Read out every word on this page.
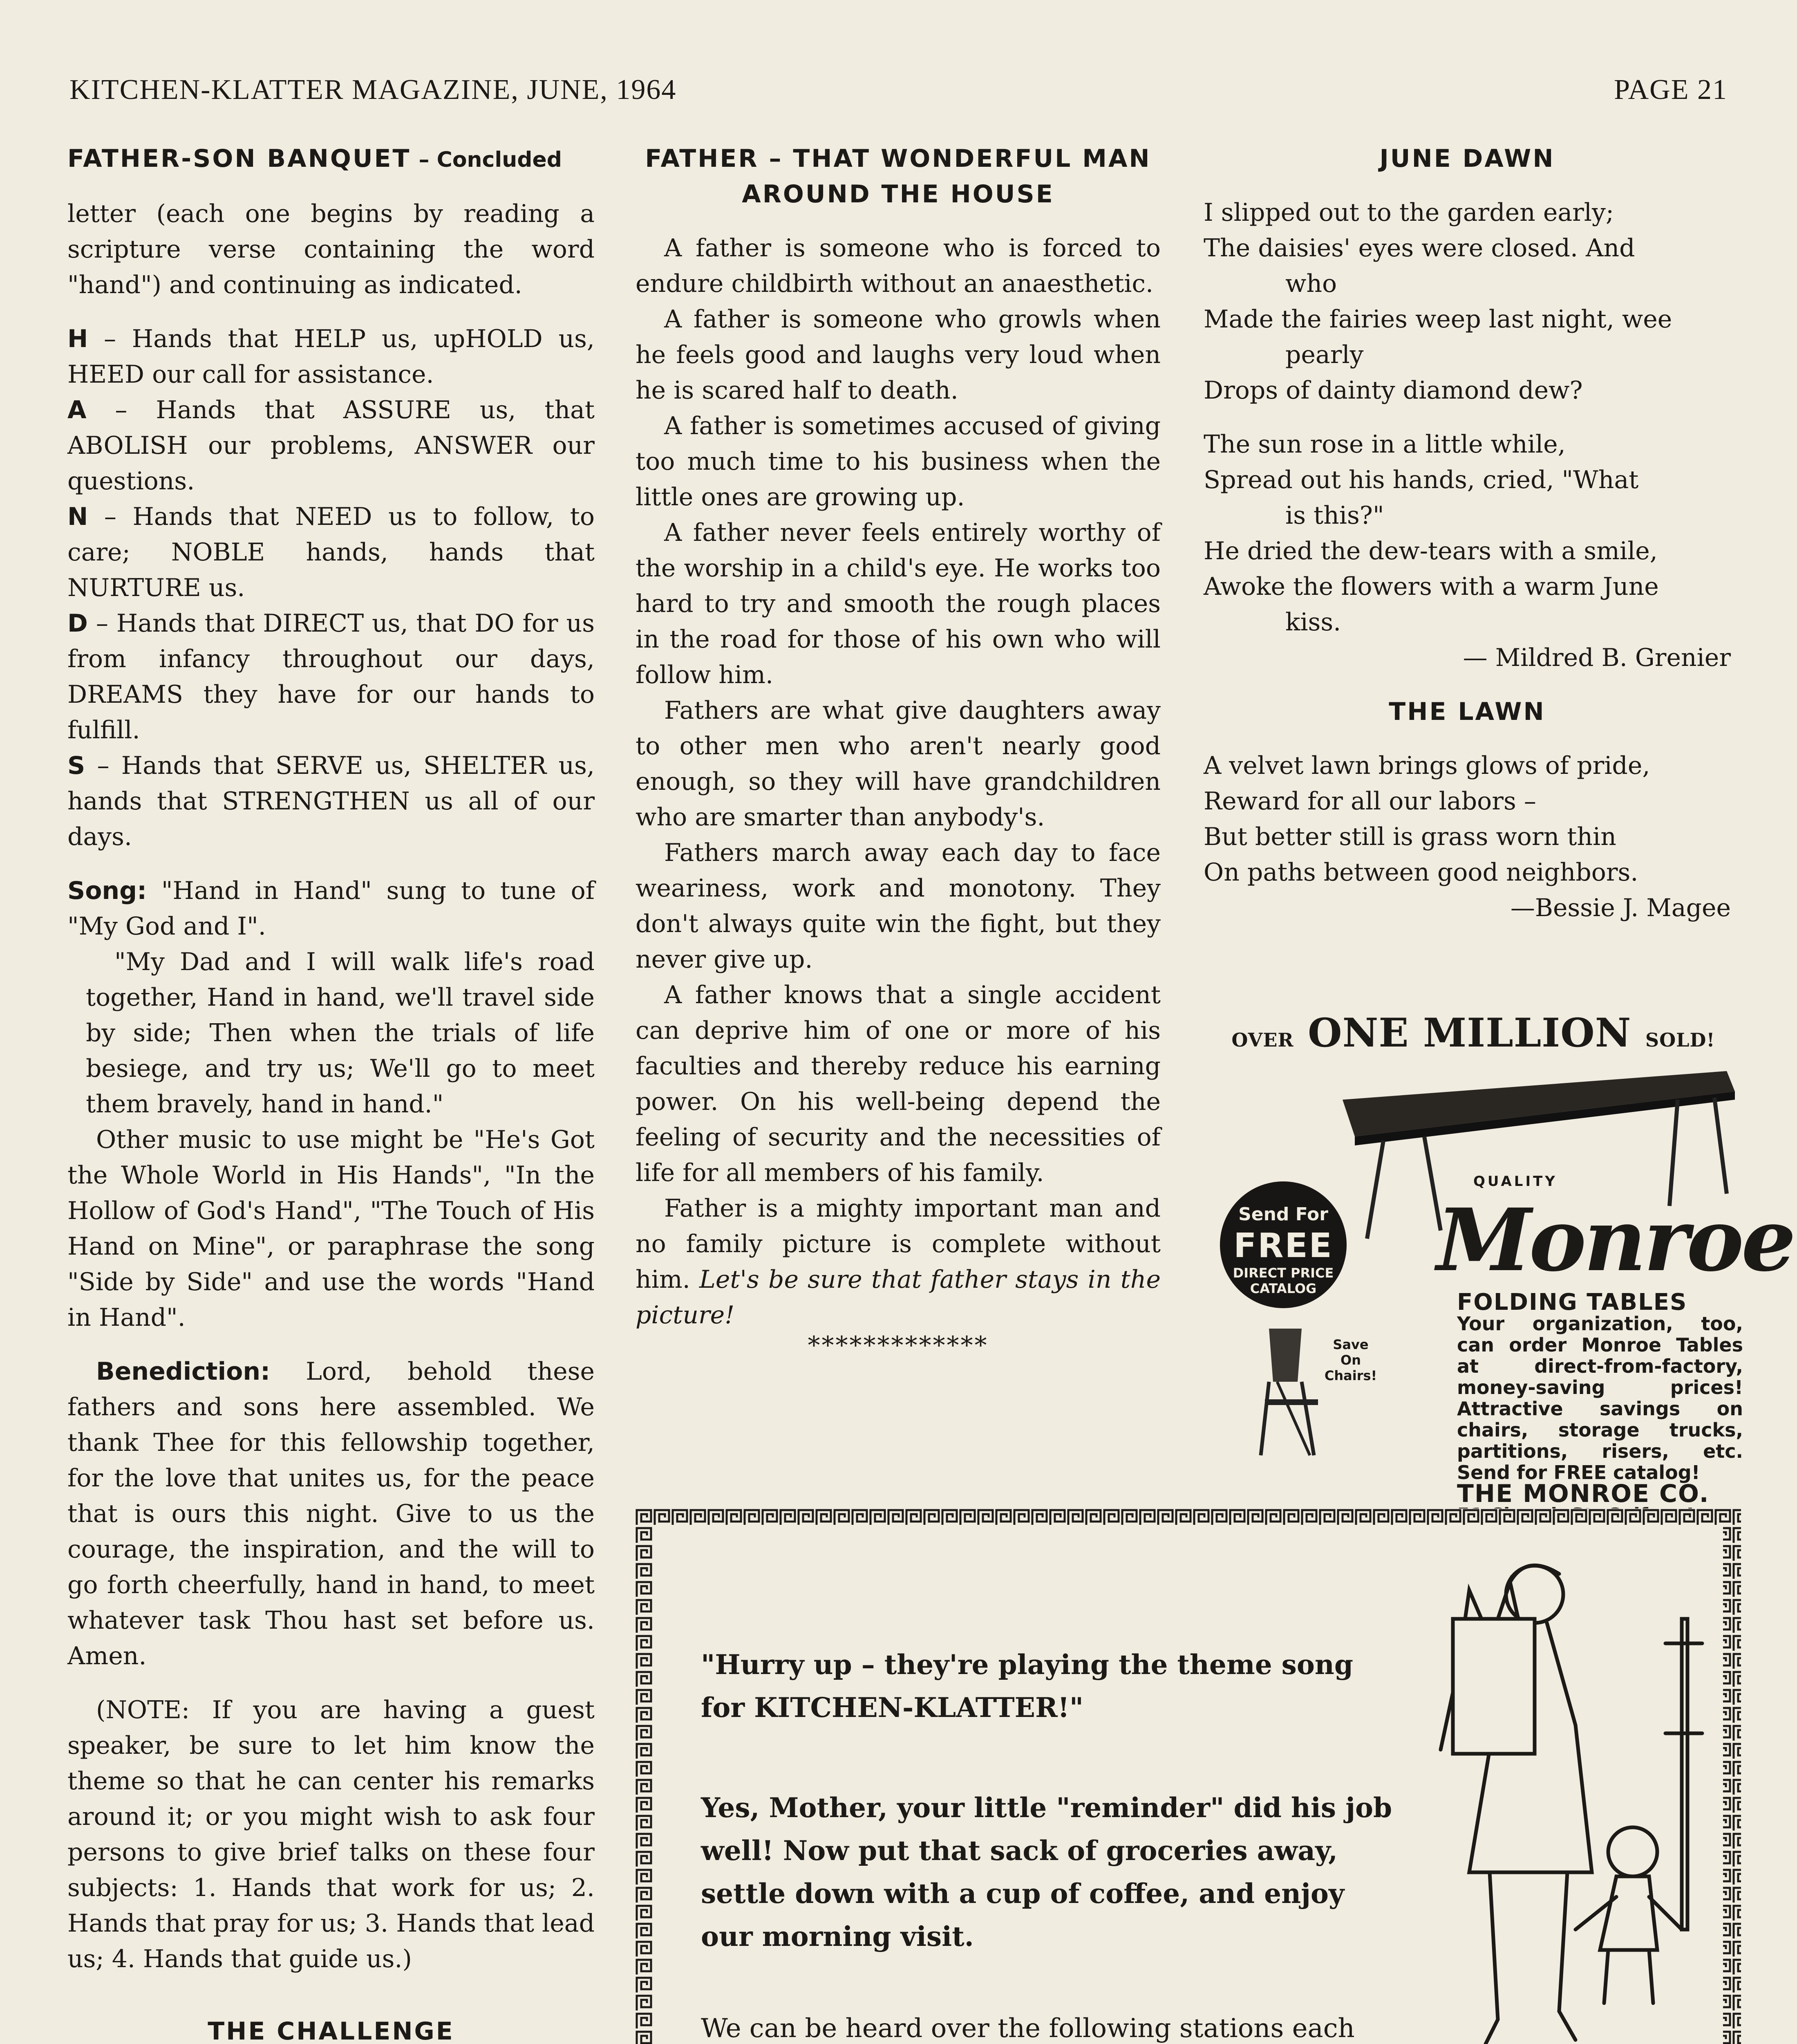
KITCHEN-KLATTER MAGAZINE, JUNE, 1964	PAGE 21

FATHER-SON BANQUET – Concluded

letter (each one begins by reading a scripture verse containing the word "hand") and continuing as indicated.

H – Hands that HELP us, upHOLD us, HEED our call for assistance.

A – Hands that ASSURE us, that ABOLISH our problems, ANSWER our questions.

N – Hands that NEED us to follow, to care; NOBLE hands, hands that NURTURE us.

D – Hands that DIRECT us, that DO for us from infancy throughout our days, DREAMS they have for our hands to fulfill.

S – Hands that SERVE us, SHELTER us, hands that STRENGTHEN us all of our days.

Song: "Hand in Hand" sung to tune of "My God and I".

"My Dad and I will walk life's road together, Hand in hand, we'll travel side by side; Then when the trials of life besiege, and try us; We'll go to meet them bravely, hand in hand."

Other music to use might be "He's Got the Whole World in His Hands", "In the Hollow of God's Hand", "The Touch of His Hand on Mine", or paraphrase the song "Side by Side" and use the words "Hand in Hand".

Benediction: Lord, behold these fathers and sons here assembled. We thank Thee for this fellowship together, for the love that unites us, for the peace that is ours this night. Give to us the courage, the inspiration, and the will to go forth cheerfully, hand in hand, to meet whatever task Thou hast set before us. Amen.

(NOTE: If you are having a guest speaker, be sure to let him know the theme so that he can center his remarks around it; or you might wish to ask four persons to give brief talks on these four subjects: 1. Hands that work for us; 2. Hands that pray for us; 3. Hands that lead us; 4. Hands that guide us.)

THE CHALLENGE

FATHER – THAT WONDERFUL MAN

AROUND THE HOUSE

A father is someone who is forced to endure childbirth without an anaesthetic.

A father is someone who growls when he feels good and laughs very loud when he is scared half to death.

A father is sometimes accused of giving too much time to his business when the little ones are growing up.

A father never feels entirely worthy of the worship in a child's eye. He works too hard to try and smooth the rough places in the road for those of his own who will follow him.

Fathers are what give daughters away to other men who aren't nearly good enough, so they will have grandchildren who are smarter than anybody's.

Fathers march away each day to face weariness, work and monotony. They don't always quite win the fight, but they never give up.

A father knows that a single accident can deprive him of one or more of his faculties and thereby reduce his earning power. On his well-being depend the feeling of security and the necessities of life for all members of his family.

Father is a mighty important man and no family picture is complete without him. Let's be sure that father stays in the picture!

*************

JUNE DAWN

I slipped out to the garden early;

The daisies' eyes were closed. And
who

Made the fairies weep last night, wee
pearly

Drops of dainty diamond dew?

The sun rose in a little while,

Spread out his hands, cried, "What
is this?"

He dried the dew-tears with a smile,

Awoke the flowers with a warm June
kiss.

— Mildred B. Grenier

THE LAWN

A velvet lawn brings glows of pride,

Reward for all our labors –

But better still is grass worn thin

On paths between good neighbors.

—Bessie J. Magee

OVER ONE MILLION SOLD!
QUALITY
Monroe
Send For
FREE
DIRECT PRICE CATALOG
Save On Chairs!
FOLDING TABLES
Your organization, too, can order Monroe Tables at direct-from-factory, money-saving prices! Attractive savings on chairs, storage trucks, partitions, risers, etc. Send for FREE catalog!
THE MONROE CO.
"Hurry up – they're playing the theme song for KITCHEN-KLATTER!"
Yes, Mother, your little "reminder" did his job well! Now put that sack of groceries away, settle down with a cup of coffee, and enjoy our morning visit.
We can be heard over the following stations each
